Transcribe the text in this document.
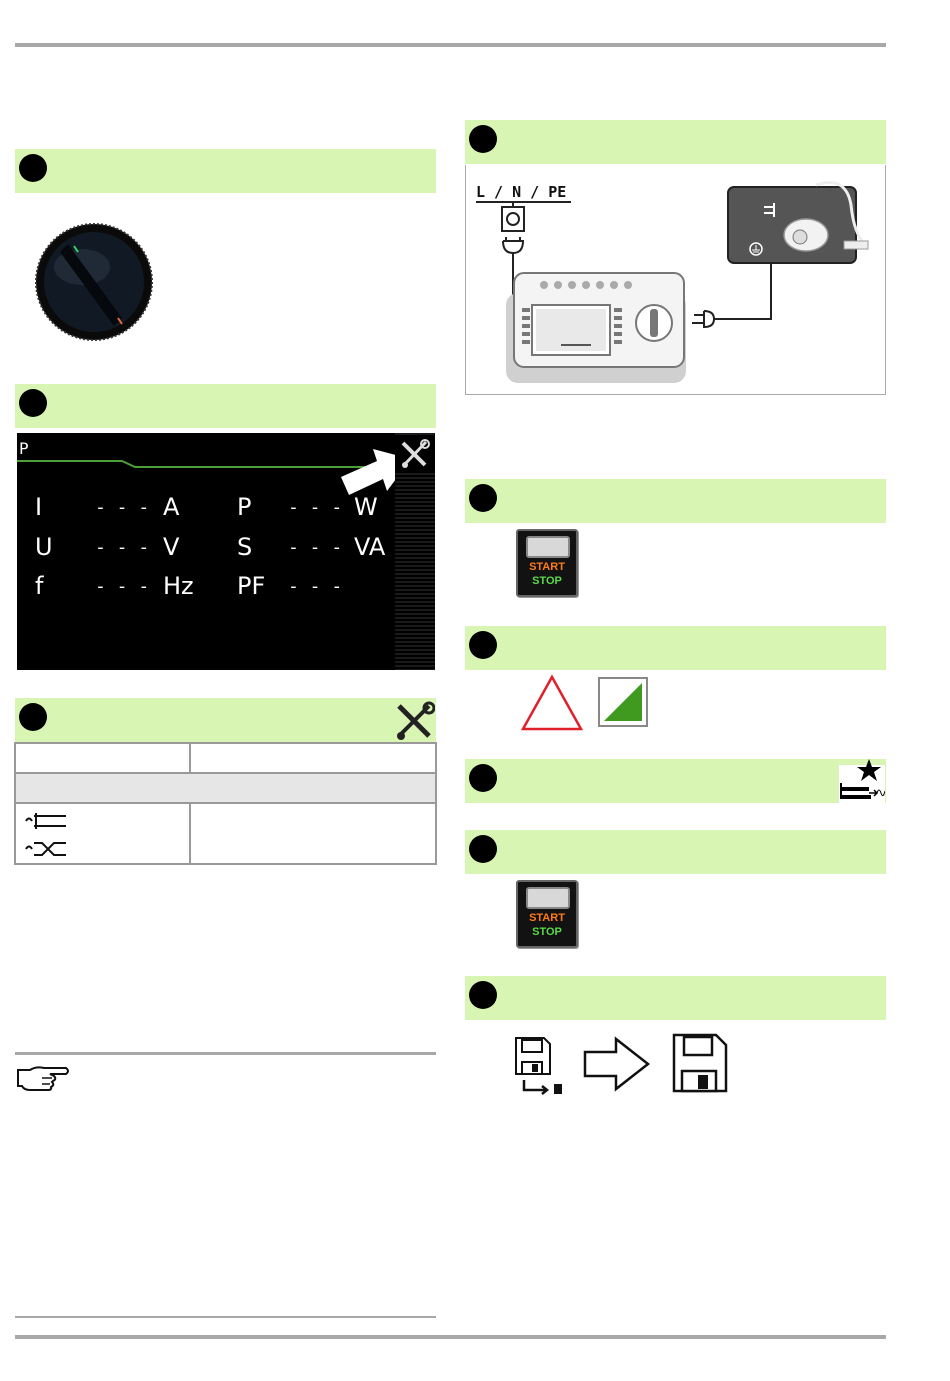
P
I	- - - A P - - - W
U - - - V S - - - VA
f	- - - Hz PF - - -
L / N / PE
START
STOP
START
STOP
